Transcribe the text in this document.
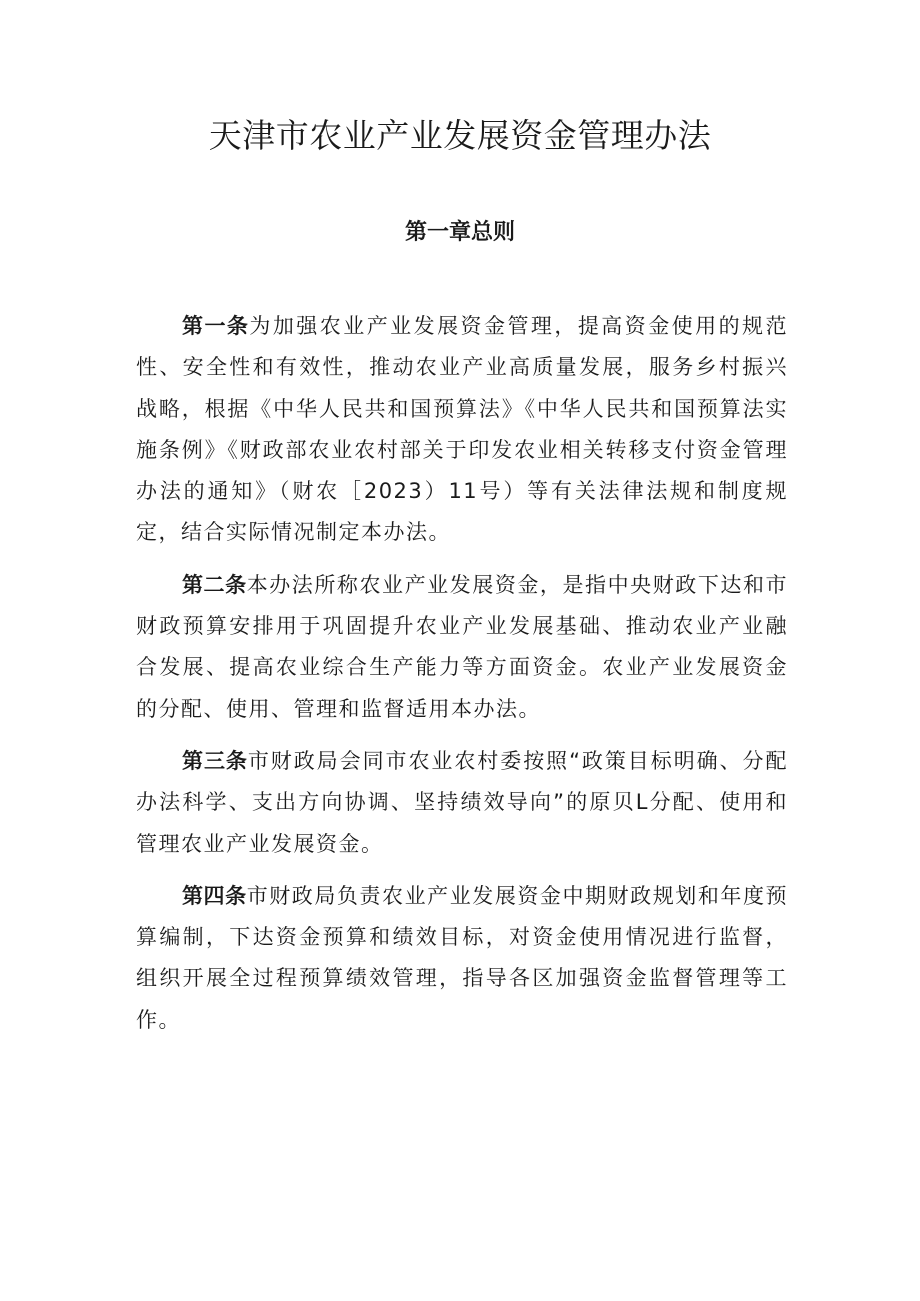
天津市农业产业发展资金管理办法
第一章总则

第一条为加强农业产业发展资金管理，提高资金使用的规范性、安全性和有效性，推动农业产业高质量发展，服务乡村振兴战略，根据《中华人民共和国预算法》《中华人民共和国预算法实施条例》《财政部农业农村部关于印发农业相关转移支付资金管理办法的通知》（财农［2023）11号）等有关法律法规和制度规定，结合实际情况制定本办法。

第二条本办法所称农业产业发展资金，是指中央财政下达和市财政预算安排用于巩固提升农业产业发展基础、推动农业产业融合发展、提高农业综合生产能力等方面资金。农业产业发展资金的分配、使用、管理和监督适用本办法。

第三条市财政局会同市农业农村委按照“政策目标明确、分配办法科学、支出方向协调、坚持绩效导向”的原贝L分配、使用和管理农业产业发展资金。

第四条市财政局负责农业产业发展资金中期财政规划和年度预算编制，下达资金预算和绩效目标，对资金使用情况进行监督，组织开展全过程预算绩效管理，指导各区加强资金监督管理等工作。
